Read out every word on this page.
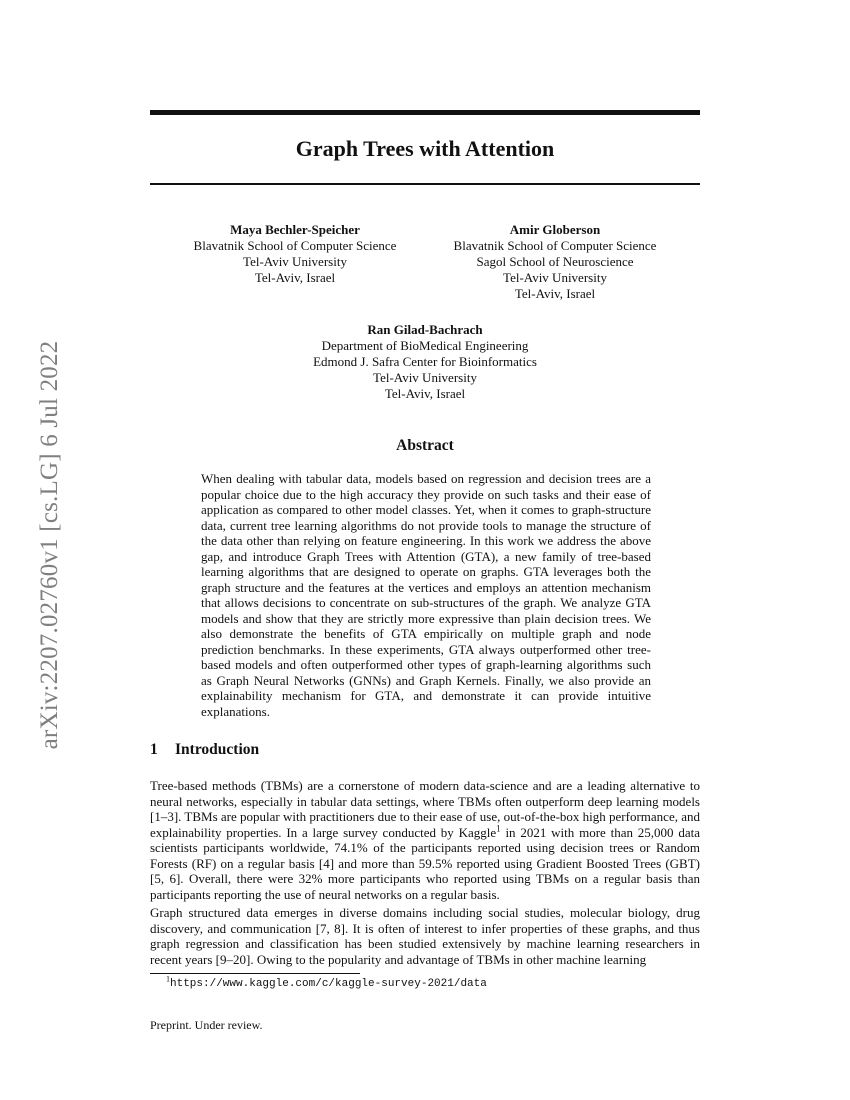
arXiv:2207.02760v1 [cs.LG] 6 Jul 2022
Graph Trees with Attention
Maya Bechler-Speicher
Blavatnik School of Computer Science
Tel-Aviv University
Tel-Aviv, Israel
Amir Globerson
Blavatnik School of Computer Science
Sagol School of Neuroscience
Tel-Aviv University
Tel-Aviv, Israel
Ran Gilad-Bachrach
Department of BioMedical Engineering
Edmond J. Safra Center for Bioinformatics
Tel-Aviv University
Tel-Aviv, Israel
Abstract

When dealing with tabular data, models based on regression and decision trees are a popular choice due to the high accuracy they provide on such tasks and their ease of application as compared to other model classes. Yet, when it comes to graph-structure data, current tree learning algorithms do not provide tools to manage the structure of the data other than relying on feature engineering. In this work we address the above gap, and introduce Graph Trees with Attention (GTA), a new family of tree-based learning algorithms that are designed to operate on graphs. GTA leverages both the graph structure and the features at the vertices and employs an attention mechanism that allows decisions to concentrate on sub-structures of the graph. We analyze GTA models and show that they are strictly more expressive than plain decision trees. We also demonstrate the benefits of GTA empirically on multiple graph and node prediction benchmarks. In these experiments, GTA always outperformed other tree-based models and often outperformed other types of graph-learning algorithms such as Graph Neural Networks (GNNs) and Graph Kernels. Finally, we also provide an explainability mechanism for GTA, and demonstrate it can provide intuitive explanations.

1 Introduction

Tree-based methods (TBMs) are a cornerstone of modern data-science and are a leading alternative to neural networks, especially in tabular data settings, where TBMs often outperform deep learning models [1–3]. TBMs are popular with practitioners due to their ease of use, out-of-the-box high performance, and explainability properties. In a large survey conducted by Kaggle$^1$ in 2021 with more than 25,000 data scientists participants worldwide, 74.1% of the participants reported using decision trees or Random Forests (RF) on a regular basis [4] and more than 59.5% reported using Gradient Boosted Trees (GBT) [5, 6]. Overall, there were 32% more participants who reported using TBMs on a regular basis than participants reporting the use of neural networks on a regular basis.

Graph structured data emerges in diverse domains including social studies, molecular biology, drug discovery, and communication [7, 8]. It is often of interest to infer properties of these graphs, and thus graph regression and classification has been studied extensively by machine learning researchers in recent years [9–20]. Owing to the popularity and advantage of TBMs in other machine learning

$^1$https://www.kaggle.com/c/kaggle-survey-2021/data
Preprint. Under review.
